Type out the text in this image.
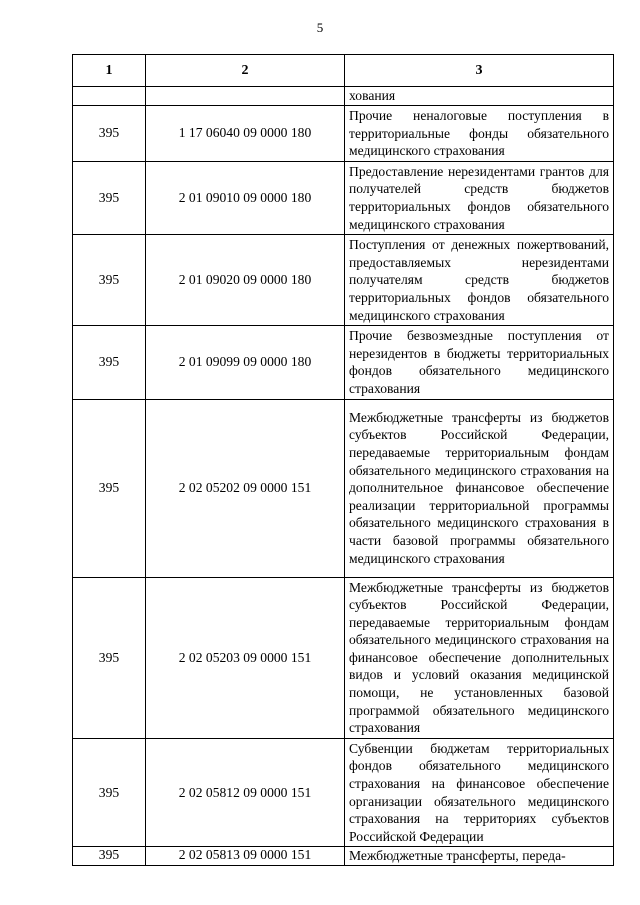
5
1	2	3
		хования
395	1 17 06040 09 0000 180	Прочие неналоговые поступления в территориальные фонды обязательного медицинского страхования
395	2 01 09010 09 0000 180	Предоставление нерезидентами грантов для получателей средств бюджетов территориальных фондов обязательного медицинского страхования
395	2 01 09020 09 0000 180	Поступления от денежных пожертвований, предоставляемых нерезидентами получателям средств бюджетов территориальных фондов обязательного медицинского страхования
395	2 01 09099 09 0000 180	Прочие безвозмездные поступления от нерезидентов в бюджеты территориальных фондов обязательного медицинского страхования
395	2 02 05202 09 0000 151	Межбюджетные трансферты из бюджетов субъектов Российской Федерации, передаваемые территориальным фондам обязательного медицинского страхования на дополнительное финансовое обеспечение реализации территориальной программы обязательного медицинского страхования в части базовой программы обязательного медицинского страхования
395	2 02 05203 09 0000 151	Межбюджетные трансферты из бюджетов субъектов Российской Федерации, передаваемые территориальным фондам обязательного медицинского страхования на финансовое обеспечение дополнительных видов и условий оказания медицинской помощи, не установленных базовой программой обязательного медицинского страхования
395	2 02 05812 09 0000 151	Субвенции бюджетам территориальных фондов обязательного медицинского страхования на финансовое обеспечение организации обязательного медицинского страхования на территориях субъектов Российской Федерации
395	2 02 05813 09 0000 151	Межбюджетные трансферты, переда-
